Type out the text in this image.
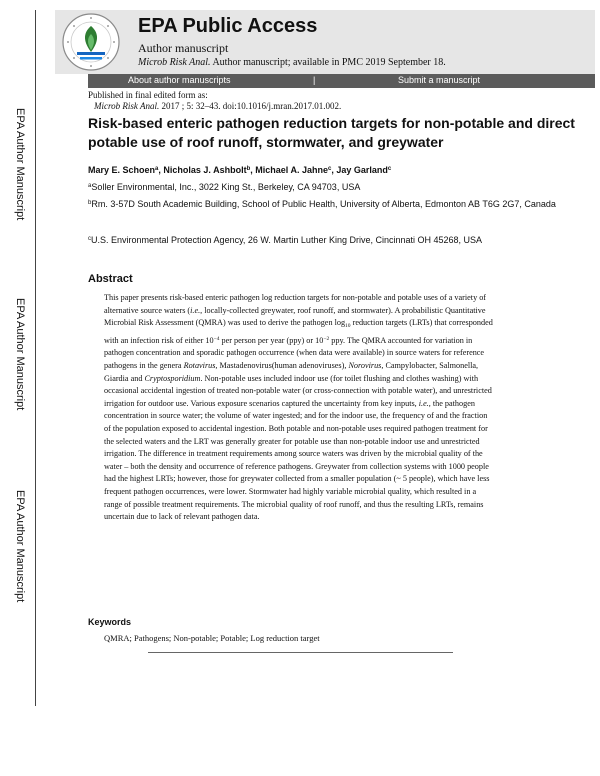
EPA Public Access
Author manuscript
Microb Risk Anal. Author manuscript; available in PMC 2019 September 18.
About author manuscripts	|	Submit a manuscript
EPA Author Manuscript
EPA Author Manuscript
EPA Author Manuscript
Published in final edited form as:
Microb Risk Anal. 2017 ; 5: 32–43. doi:10.1016/j.mran.2017.01.002.
Risk-based enteric pathogen reduction targets for non-potable and direct potable use of roof runoff, stormwater, and greywater
Mary E. Schoen$^a$, Nicholas J. Ashbolt$^b$, Michael A. Jahne$^c$, Jay Garland$^c$
$^a$Soller Environmental, Inc., 3022 King St., Berkeley, CA 94703, USA
$^b$Rm. 3-57D South Academic Building, School of Public Health, University of Alberta, Edmonton AB T6G 2G7, Canada
$^c$U.S. Environmental Protection Agency, 26 W. Martin Luther King Drive, Cincinnati OH 45268, USA
Abstract

This paper presents risk-based enteric pathogen log reduction targets for non-potable and potable uses of a variety of alternative source waters (i.e., locally-collected greywater, roof runoff, and stormwater). A probabilistic Quantitative Microbial Risk Assessment (QMRA) was used to derive the pathogen $\log_{10}$ reduction targets (LRTs) that corresponded with an infection risk of either $10^{-4}$ per person per year (ppy) or $10^{-2}$ ppy. The QMRA accounted for variation in pathogen concentration and sporadic pathogen occurrence (when data were available) in source waters for reference pathogens in the genera Rotavirus, Mastadenovirus(human adenoviruses), Norovirus, Campylobacter, Salmonella, Giardia and Cryptosporidium. Non-potable uses included indoor use (for toilet flushing and clothes washing) with occasional accidental ingestion of treated non-potable water (or cross-connection with potable water), and unrestricted irrigation for outdoor use. Various exposure scenarios captured the uncertainty from key inputs, i.e., the pathogen concentration in source water; the volume of water ingested; and for the indoor use, the frequency of and the fraction of the population exposed to accidental ingestion. Both potable and non-potable uses required pathogen treatment for the selected waters and the LRT was generally greater for potable use than non-potable indoor use and unrestricted irrigation. The difference in treatment requirements among source waters was driven by the microbial quality of the water – both the density and occurrence of reference pathogens. Greywater from collection systems with 1000 people had the highest LRTs; however, those for greywater collected from a smaller population (~ 5 people), which have less frequent pathogen occurrences, were lower. Stormwater had highly variable microbial quality, which resulted in a range of possible treatment requirements. The microbial quality of roof runoff, and thus the resulting LRTs, remains uncertain due to lack of relevant pathogen data.

Keywords
QMRA; Pathogens; Non-potable; Potable; Log reduction target
